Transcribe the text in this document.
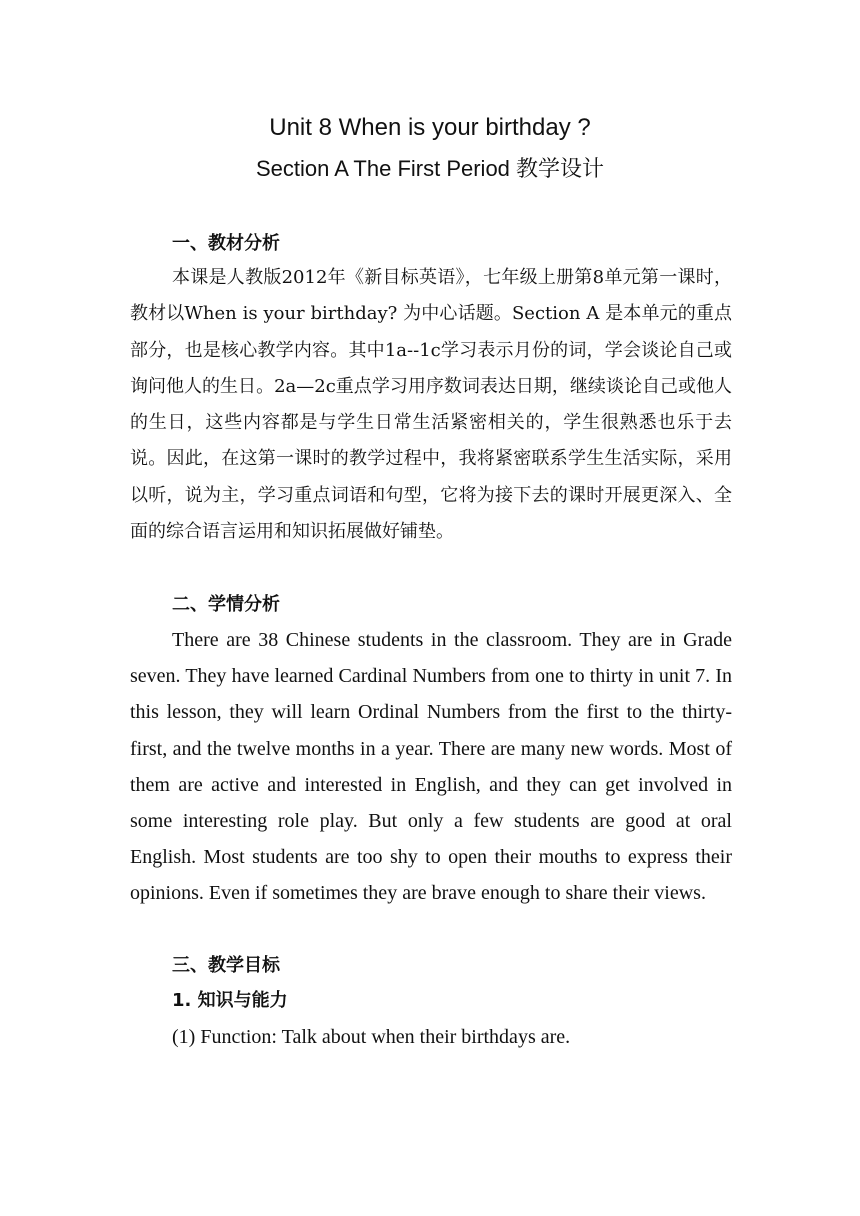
Unit 8 When is your birthday ?
Section A The First Period 教学设计
一、教材分析

本课是人教版2012年《新目标英语》，七年级上册第8单元第一课时，教材以When is your birthday? 为中心话题。Section A 是本单元的重点部分，也是核心教学内容。其中1a--1c学习表示月份的词，学会谈论自己或询问他人的生日。2a—2c重点学习用序数词表达日期，继续谈论自己或他人的生日，这些内容都是与学生日常生活紧密相关的，学生很熟悉也乐于去说。因此，在这第一课时的教学过程中，我将紧密联系学生生活实际，采用以听，说为主，学习重点词语和句型，它将为接下去的课时开展更深入、全面的综合语言运用和知识拓展做好铺垫。

二、学情分析

There are 38 Chinese students in the classroom. They are in Grade seven. They have learned Cardinal Numbers from one to thirty in unit 7. In this lesson, they will learn Ordinal Numbers from the first to the thirty-first, and the twelve months in a year. There are many new words. Most of them are active and interested in English, and they can get involved in some interesting role play. But only a few students are good at oral English. Most students are too shy to open their mouths to express their opinions. Even if sometimes they are brave enough to share their views.

三、教学目标
1. 知识与能力
(1) Function: Talk about when their birthdays are.
